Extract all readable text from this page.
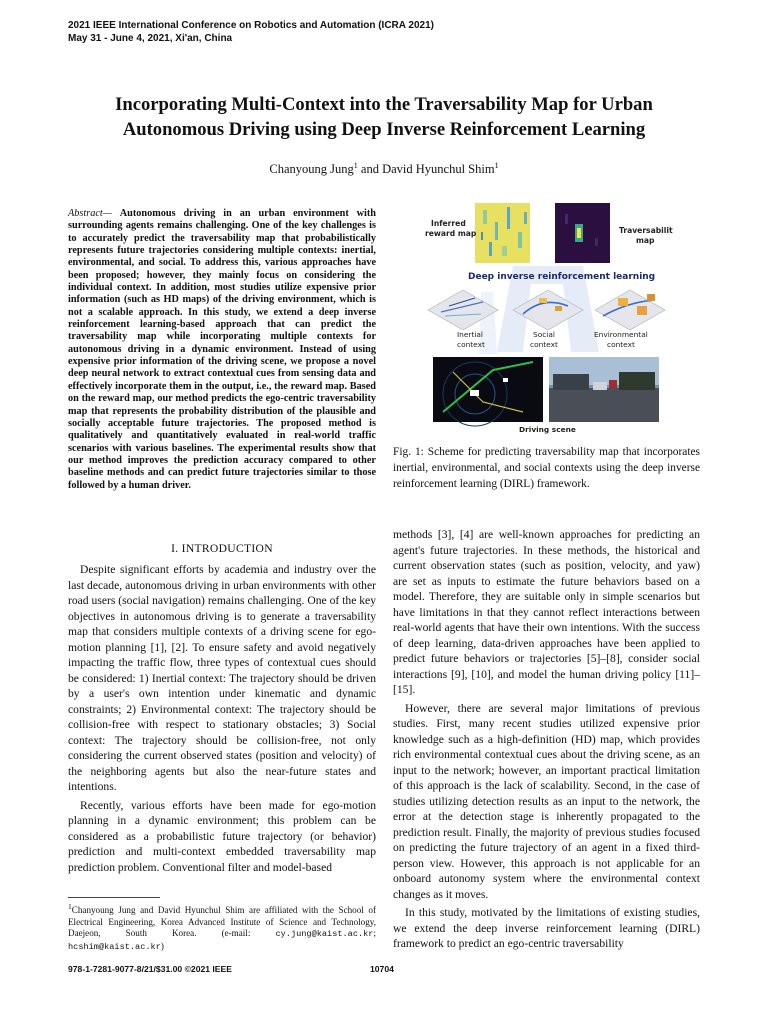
2021 IEEE International Conference on Robotics and Automation (ICRA 2021)
May 31 - June 4, 2021, Xi'an, China
Incorporating Multi-Context into the Traversability Map for Urban
Autonomous Driving using Deep Inverse Reinforcement Learning
Chanyoung Jung$^1$ and David Hyunchul Shim$^1$
Abstract— Autonomous driving in an urban environment with surrounding agents remains challenging. One of the key challenges is to accurately predict the traversability map that probabilistically represents future trajectories considering multiple contexts: inertial, environmental, and social. To address this, various approaches have been proposed; however, they mainly focus on considering the individual context. In addition, most studies utilize expensive prior information (such as HD maps) of the driving environment, which is not a scalable approach. In this study, we extend a deep inverse reinforcement learning-based approach that can predict the traversability map while incorporating multiple contexts for autonomous driving in a dynamic environment. Instead of using expensive prior information of the driving scene, we propose a novel deep neural network to extract contextual cues from sensing data and effectively incorporate them in the output, i.e., the reward map. Based on the reward map, our method predicts the ego-centric traversability map that represents the probability distribution of the plausible and socially acceptable future trajectories. The proposed method is qualitatively and quantitatively evaluated in real-world traffic scenarios with various baselines. The experimental results show that our method improves the prediction accuracy compared to other baseline methods and can predict future trajectories similar to those followed by a human driver.
I. INTRODUCTION

Despite significant efforts by academia and industry over the last decade, autonomous driving in urban environments with other road users (social navigation) remains challenging. One of the key objectives in autonomous driving is to generate a traversability map that considers multiple contexts of a driving scene for ego-motion planning [1], [2]. To ensure safety and avoid negatively impacting the traffic flow, three types of contextual cues should be considered: 1) Inertial context: The trajectory should be driven by a user's own intention under kinematic and dynamic constraints; 2) Environmental context: The trajectory should be collision-free with respect to stationary obstacles; 3) Social context: The trajectory should be collision-free, not only considering the current observed states (position and velocity) of the neighboring agents but also the near-future states and intentions.

Recently, various efforts have been made for ego-motion planning in a dynamic environment; this problem can be considered as a probabilistic future trajectory (or behavior) prediction and multi-context embedded traversability map prediction problem. Conventional filter and model-based

$^1$Chanyoung Jung and David Hyunchul Shim are affiliated with the School of Electrical Engineering, Korea Advanced Institute of Science and Technology, Daejeon, South Korea. (e-mail: cy.jung@kaist.ac.kr; hcshim@kaist.ac.kr)
Inferred
reward map	Traversability
map
Deep inverse reinforcement learning
Inertial
context
Social
context
Environmental
context
Driving scene
Fig. 1: Scheme for predicting traversability map that incorporates inertial, environmental, and social contexts using the deep inverse reinforcement learning (DIRL) framework.

methods [3], [4] are well-known approaches for predicting an agent's future trajectories. In these methods, the historical and current observation states (such as position, velocity, and yaw) are set as inputs to estimate the future behaviors based on a model. Therefore, they are suitable only in simple scenarios but have limitations in that they cannot reflect interactions between real-world agents that have their own intentions. With the success of deep learning, data-driven approaches have been applied to predict future behaviors or trajectories [5]–[8], consider social interactions [9], [10], and model the human driving policy [11]–[15].

However, there are several major limitations of previous studies. First, many recent studies utilized expensive prior knowledge such as a high-definition (HD) map, which provides rich environmental contextual cues about the driving scene, as an input to the network; however, an important practical limitation of this approach is the lack of scalability. Second, in the case of studies utilizing detection results as an input to the network, the error at the detection stage is inherently propagated to the prediction result. Finally, the majority of previous studies focused on predicting the future trajectory of an agent in a fixed third-person view. However, this approach is not applicable for an onboard autonomy system where the environmental context changes as it moves.

In this study, motivated by the limitations of existing studies, we extend the deep inverse reinforcement learning (DIRL) framework to predict an ego-centric traversability

978-1-7281-9077-8/21/$31.00 ©2021 IEEE	10704
